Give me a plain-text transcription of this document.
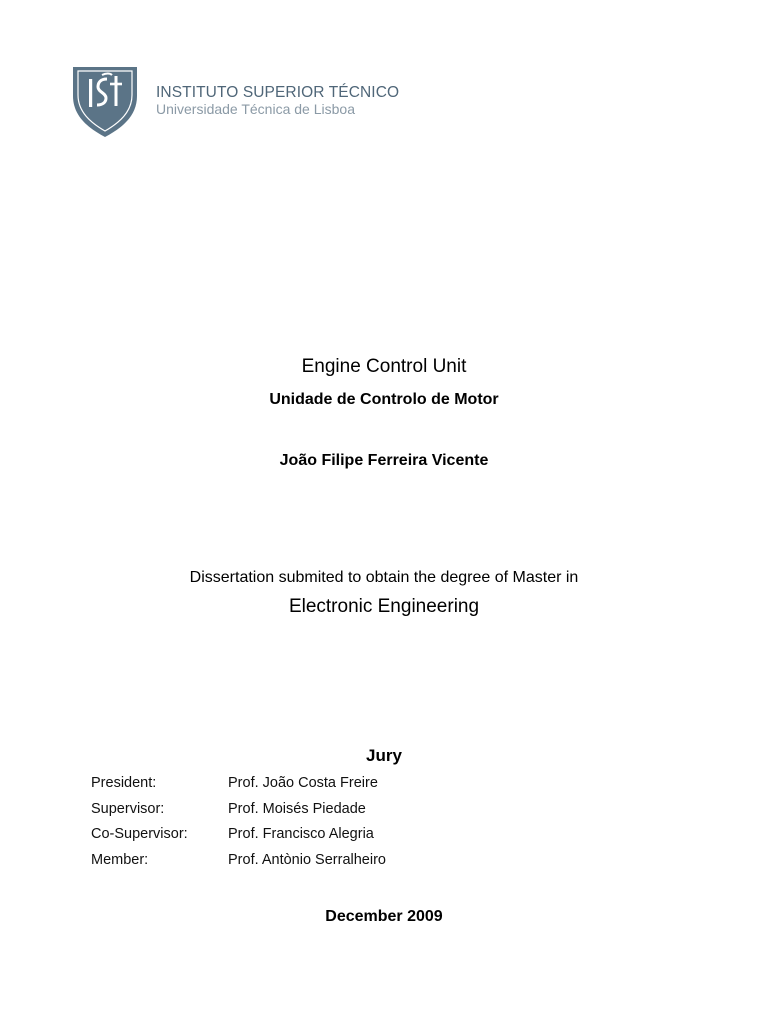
INSTITUTO SUPERIOR TÉCNICO
Universidade Técnica de Lisboa
Engine Control Unit
Unidade de Controlo de Motor
João Filipe Ferreira Vicente
Dissertation submited to obtain the degree of Master in
Electronic Engineering
Jury
President:	Prof. João Costa Freire
Supervisor:	Prof. Moisés Piedade
Co-Supervisor:	Prof. Francisco Alegria
Member:	Prof. Antònio Serralheiro
December 2009
